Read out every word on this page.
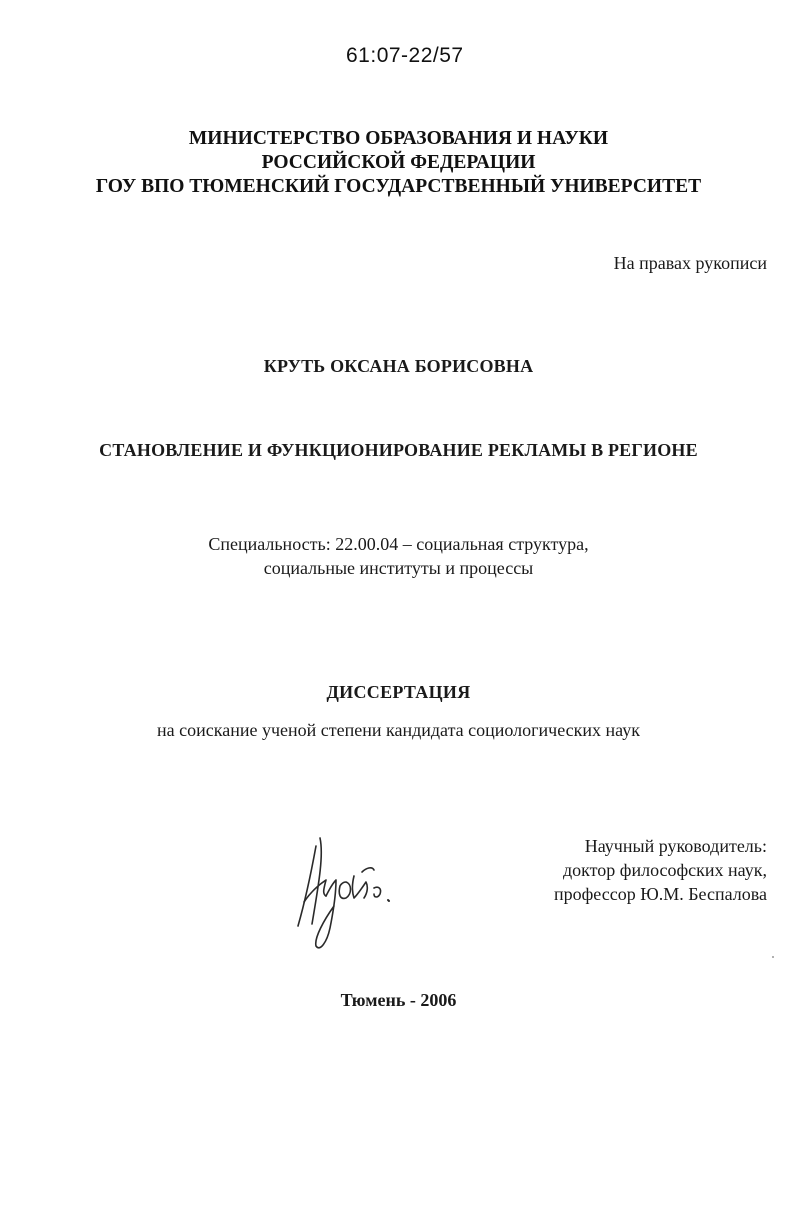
61:07-22/57
МИНИСТЕРСТВО ОБРАЗОВАНИЯ И НАУКИ
РОССИЙСКОЙ ФЕДЕРАЦИИ
ГОУ ВПО ТЮМЕНСКИЙ ГОСУДАРСТВЕННЫЙ УНИВЕРСИТЕТ
На правах рукописи
КРУТЬ ОКСАНА БОРИСОВНА
СТАНОВЛЕНИЕ И ФУНКЦИОНИРОВАНИЕ РЕКЛАМЫ В РЕГИОНЕ
Специальность: 22.00.04 – социальная структура,
социальные институты и процессы
ДИССЕРТАЦИЯ
на соискание ученой степени кандидата социологических наук
Научный руководитель:
доктор философских наук,
профессор Ю.М. Беспалова
Тюмень - 2006
